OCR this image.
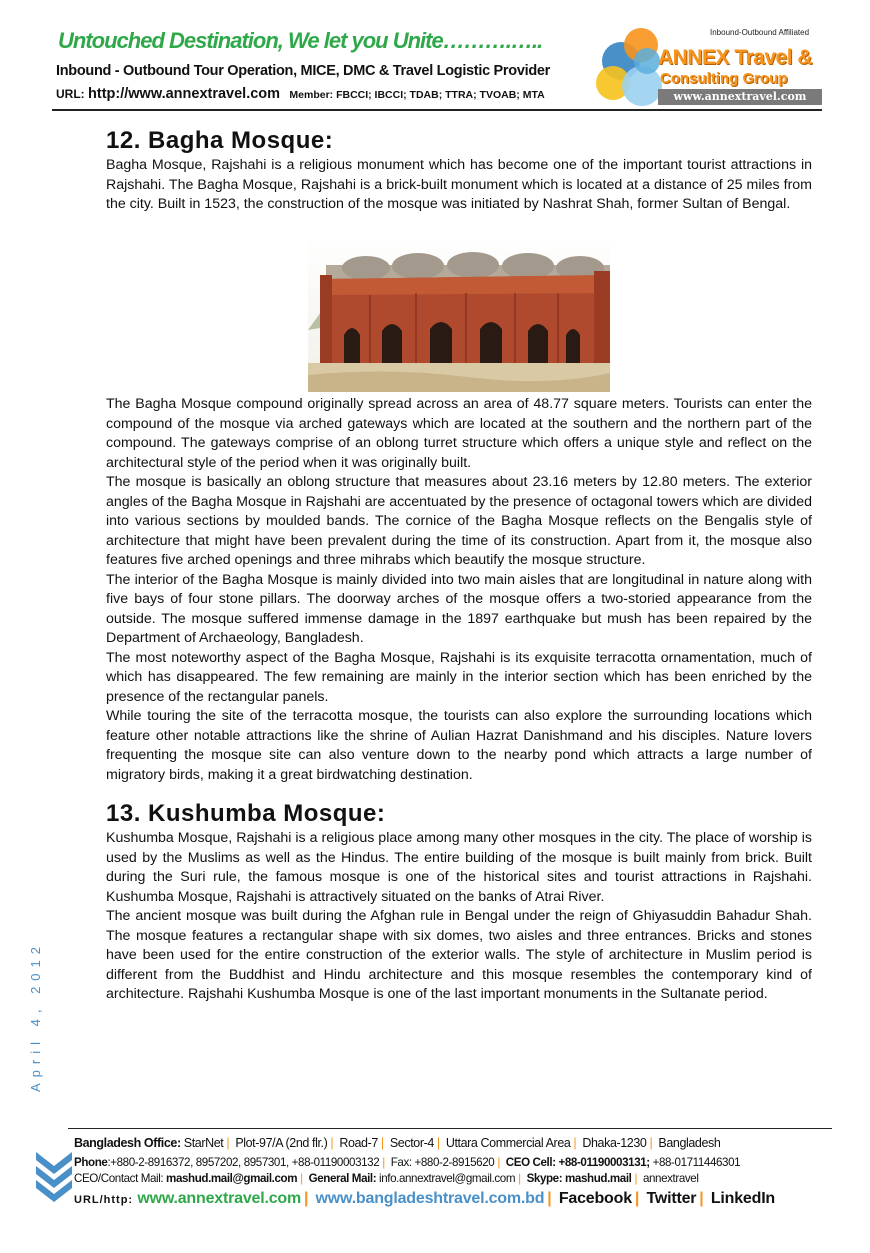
Untouched Destination, We let you Unite……….…..
Inbound - Outbound Tour Operation, MICE, DMC & Travel Logistic Provider
URL: http://www.annextravel.com Member: FBCCI; IBCCI; TDAB; TTRA; TVOAB; MTA
Inbound-Outbound Affiliated
ANNEX Travel &
Consulting Group
www.annextravel.com
12. Bagha Mosque:

Bagha Mosque, Rajshahi is a religious monument which has become one of the important tourist attractions in Rajshahi. The Bagha Mosque, Rajshahi is a brick-built monument which is located at a distance of 25 miles from the city. Built in 1523, the construction of the mosque was initiated by Nashrat Shah, former Sultan of Bengal.

The Bagha Mosque compound originally spread across an area of 48.77 square meters. Tourists can enter the compound of the mosque via arched gateways which are located at the southern and the northern part of the compound. The gateways comprise of an oblong turret structure which offers a unique style and reflect on the architectural style of the period when it was originally built.

The mosque is basically an oblong structure that measures about 23.16 meters by 12.80 meters. The exterior angles of the Bagha Mosque in Rajshahi are accentuated by the presence of octagonal towers which are divided into various sections by moulded bands. The cornice of the Bagha Mosque reflects on the Bengalis style of architecture that might have been prevalent during the time of its construction. Apart from it, the mosque also features five arched openings and three mihrabs which beautify the mosque structure.

The interior of the Bagha Mosque is mainly divided into two main aisles that are longitudinal in nature along with five bays of four stone pillars. The doorway arches of the mosque offers a two-storied appearance from the outside. The mosque suffered immense damage in the 1897 earthquake but mush has been repaired by the Department of Archaeology, Bangladesh.

The most noteworthy aspect of the Bagha Mosque, Rajshahi is its exquisite terracotta ornamentation, much of which has disappeared. The few remaining are mainly in the interior section which has been enriched by the presence of the rectangular panels.

While touring the site of the terracotta mosque, the tourists can also explore the surrounding locations which feature other notable attractions like the shrine of Aulian Hazrat Danishmand and his disciples. Nature lovers frequenting the mosque site can also venture down to the nearby pond which attracts a large number of migratory birds, making it a great birdwatching destination.

13. Kushumba Mosque:

Kushumba Mosque, Rajshahi is a religious place among many other mosques in the city. The place of worship is used by the Muslims as well as the Hindus. The entire building of the mosque is built mainly from brick. Built during the Suri rule, the famous mosque is one of the historical sites and tourist attractions in Rajshahi. Kushumba Mosque, Rajshahi is attractively situated on the banks of Atrai River.

The ancient mosque was built during the Afghan rule in Bengal under the reign of Ghiyasuddin Bahadur Shah. The mosque features a rectangular shape with six domes, two aisles and three entrances. Bricks and stones have been used for the entire construction of the exterior walls. The style of architecture in Muslim period is different from the Buddhist and Hindu architecture and this mosque resembles the contemporary kind of architecture. Rajshahi Kushumba Mosque is one of the last important monuments in the Sultanate period.

April 4, 2012
Bangladesh Office: StarNet | Plot-97/A (2nd flr.) | Road-7 | Sector-4 | Uttara Commercial Area | Dhaka-1230 | Bangladesh
Phone:+880-2-8916372, 8957202, 8957301, +88-01190003132 | Fax: +880-2-8915620 | CEO Cell: +88-01190003131; +88-01711446301
CEO/Contact Mail: mashud.mail@gmail.com | General Mail: info.annextravel@gmail.com | Skype: mashud.mail | annextravel
URL/http: www.annextravel.com | www.bangladeshtravel.com.bd | Facebook | Twitter | LinkedIn
